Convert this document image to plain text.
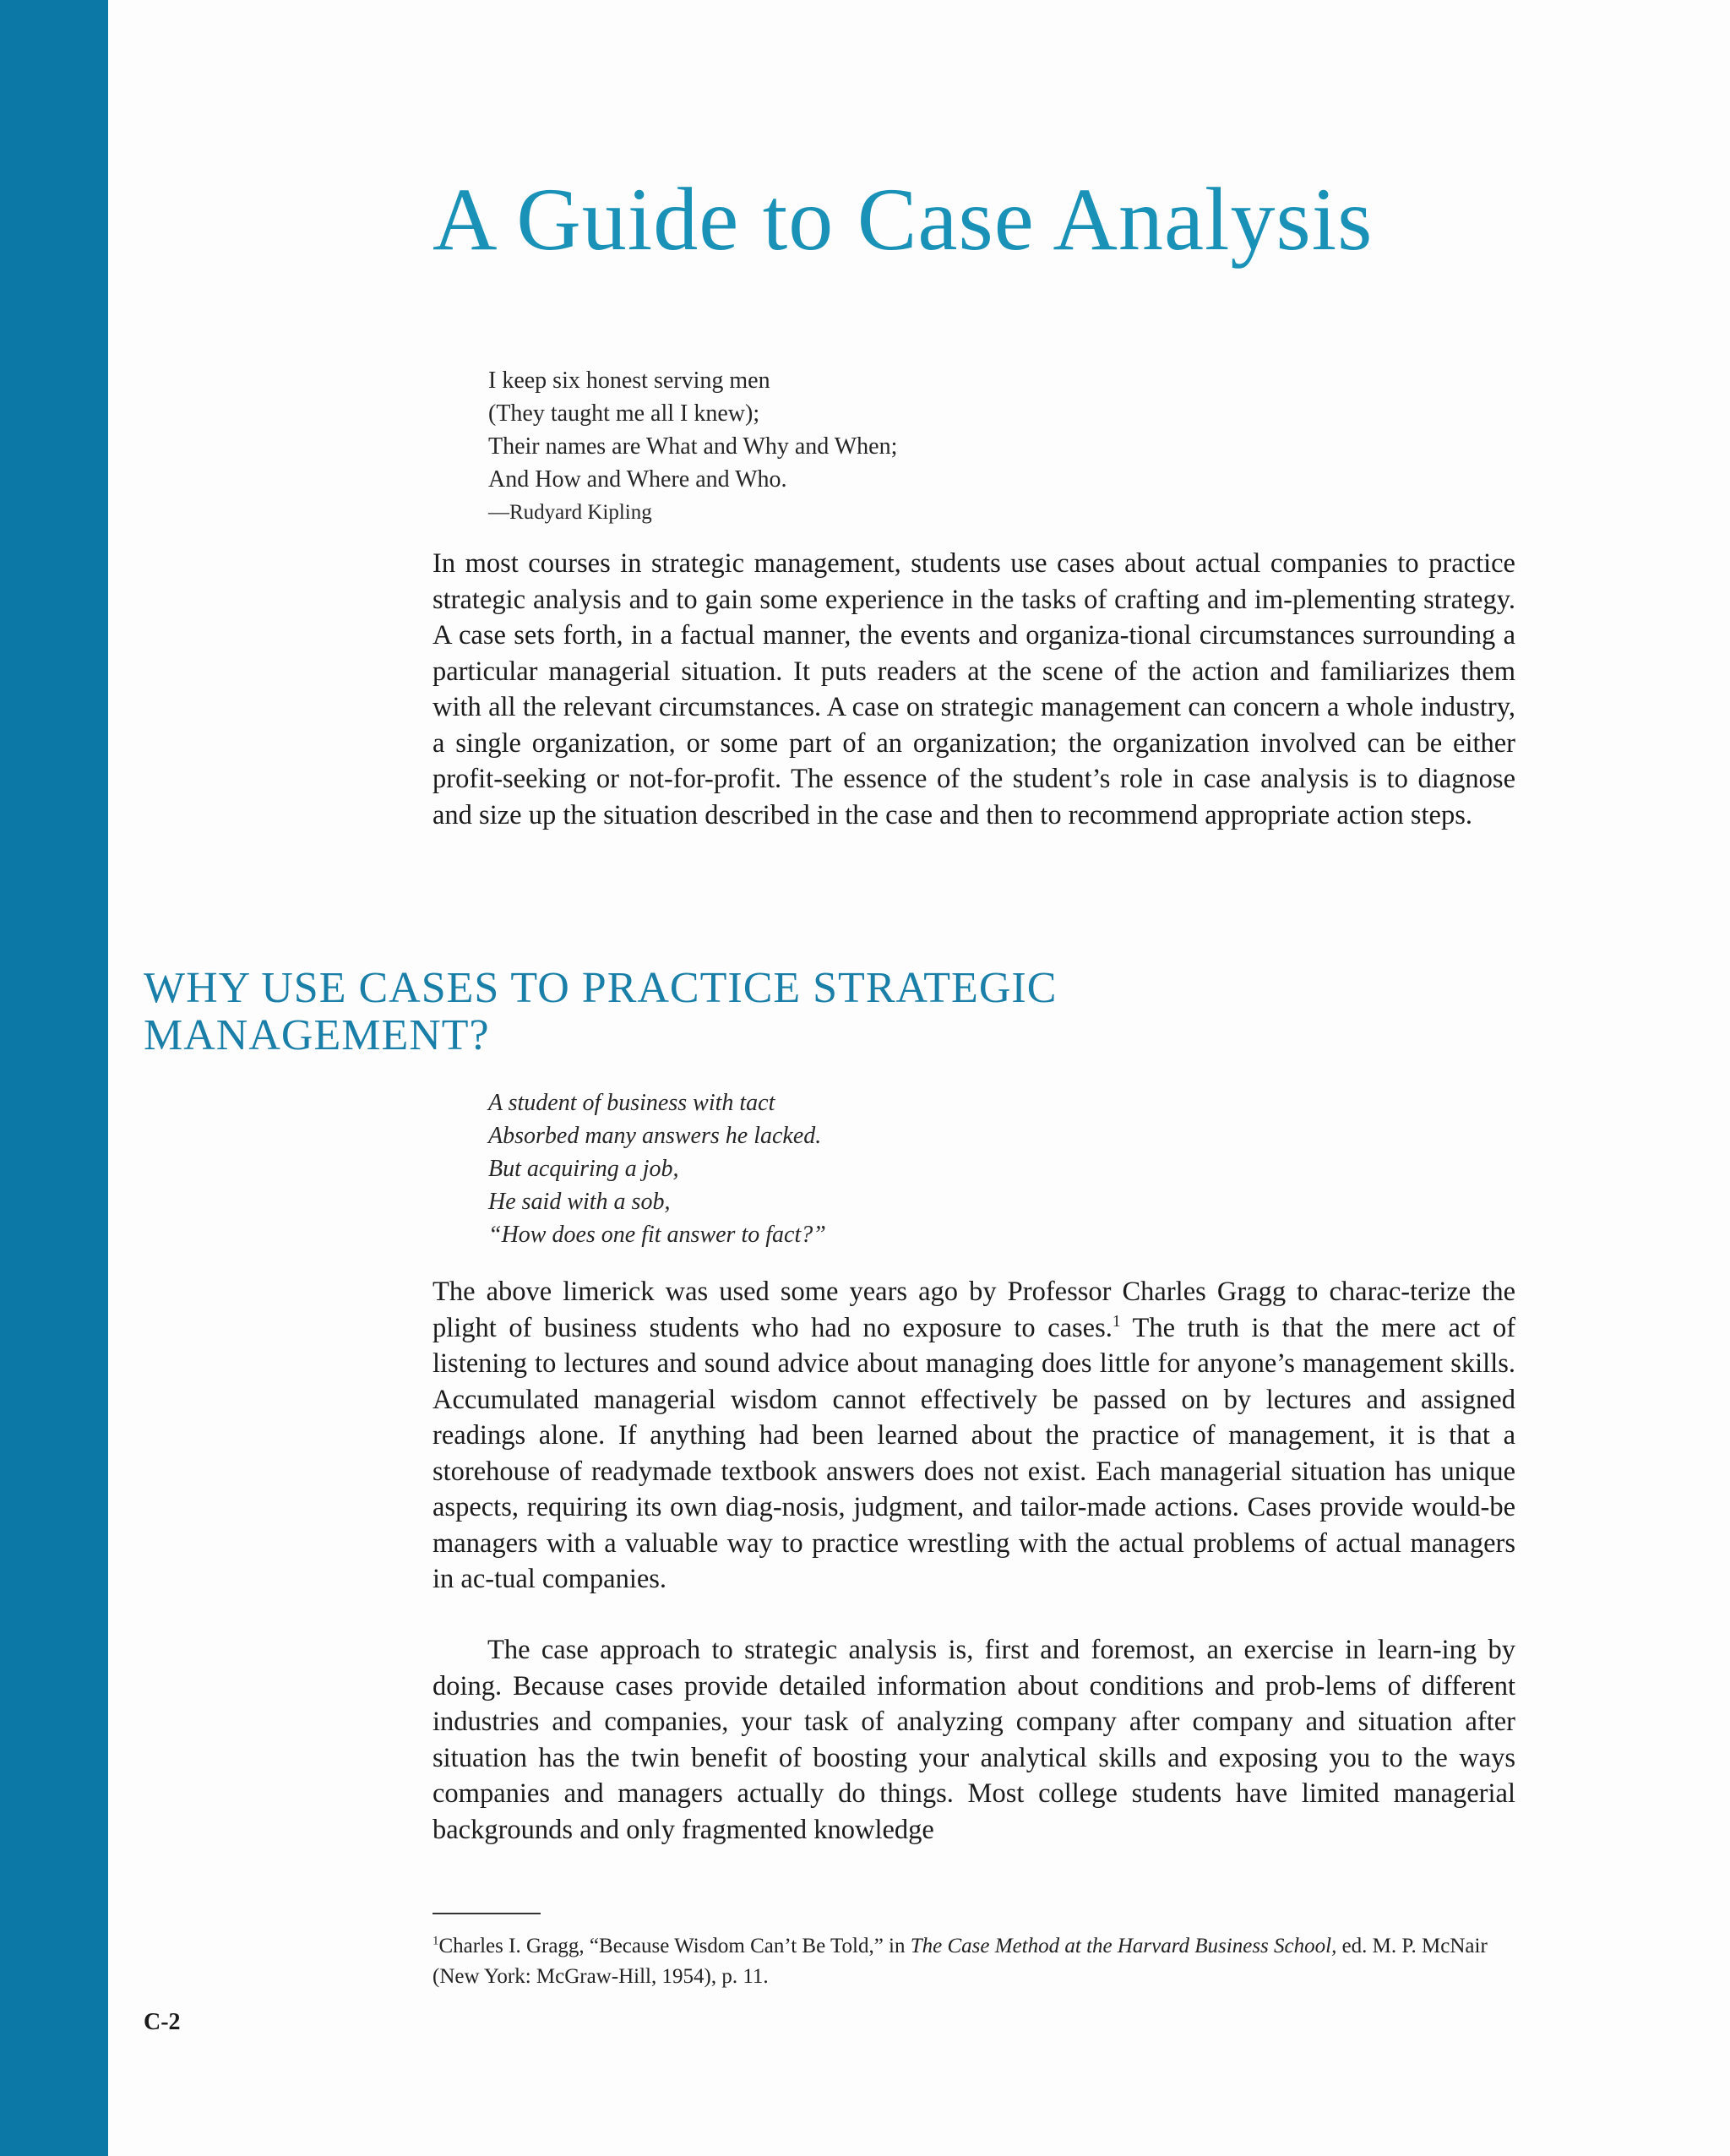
A Guide to Case Analysis
I keep six honest serving men
(They taught me all I knew);
Their names are What and Why and When;
And How and Where and Who.
—Rudyard Kipling

In most courses in strategic management, students use cases about actual companies to practice strategic analysis and to gain some experience in the tasks of crafting and im-plementing strategy. A case sets forth, in a factual manner, the events and organiza-tional circumstances surrounding a particular managerial situation. It puts readers at the scene of the action and familiarizes them with all the relevant circumstances. A case on strategic management can concern a whole industry, a single organization, or some part of an organization; the organization involved can be either profit-seeking or not-for-profit. The essence of the student’s role in case analysis is to diagnose and size up the situation described in the case and then to recommend appropriate action steps.

WHY USE CASES TO PRACTICE STRATEGIC
MANAGEMENT?
A student of business with tact
Absorbed many answers he lacked.
But acquiring a job,
He said with a sob,
“How does one fit answer to fact?”

The above limerick was used some years ago by Professor Charles Gragg to charac-terize the plight of business students who had no exposure to cases.$^1$ The truth is that the mere act of listening to lectures and sound advice about managing does little for anyone’s management skills. Accumulated managerial wisdom cannot effectively be passed on by lectures and assigned readings alone. If anything had been learned about the practice of management, it is that a storehouse of readymade textbook answers does not exist. Each managerial situation has unique aspects, requiring its own diag-nosis, judgment, and tailor-made actions. Cases provide would-be managers with a valuable way to practice wrestling with the actual problems of actual managers in ac-tual companies.

The case approach to strategic analysis is, first and foremost, an exercise in learn-ing by doing. Because cases provide detailed information about conditions and prob-lems of different industries and companies, your task of analyzing company after company and situation after situation has the twin benefit of boosting your analytical skills and exposing you to the ways companies and managers actually do things. Most college students have limited managerial backgrounds and only fragmented knowledge

$^1$Charles I. Gragg, “Because Wisdom Can’t Be Told,” in The Case Method at the Harvard Business School, ed. M. P. McNair (New York: McGraw-Hill, 1954), p. 11.

C-2
